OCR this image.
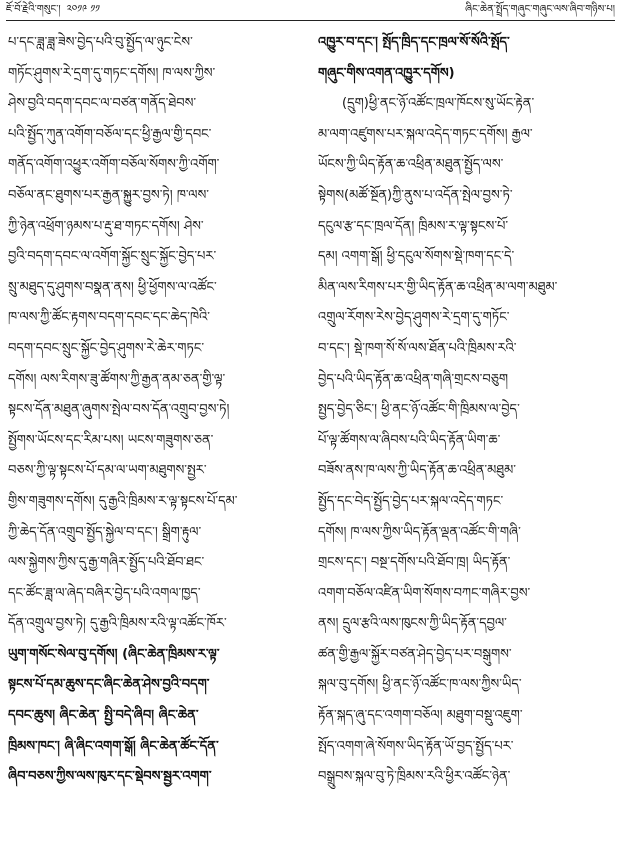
ཇོ་བོ་རྗེའི་གསུང་། ༢༠༡༩ ༡༡	ཞིང་ཆེན་སྤྲོད་གཞུང་གཞུང་ལས་ཞིབ་གཉིས་པ།
པ་དང་ཟླ་ཟླ་ཟེས་བྱེད་པའི་བུ་སྤྱོད་ལ་ཉུང་ངེས་
གཏོང་ཤུགས་རེ་དྲག་དུ་གཏང་དགོས། ཁ་ལས་ཀྱིས་
ཤེས་བྱའི་བདག་དབང་ལ་བཙན་གནོད་ཐེབས་
པའི་སྤྱོད་ཀུན་འགོག་བཅོལ་དང་ཕྱི་རྒྱལ་གྱི་དབང་
གནོད་འགོག་འཕྱུར་འགོག་བཅོལ་སོགས་ཀྱི་འགོག་
བཅོལ་ནང་ཐུགས་པར་རྒྱན་སྐྱུར་བྱས་ཏེ། ཁ་ལས་
ཀྱི་ཉེན་འཕྲོག་ཉམས་པ་རྡུ་ཐ་གཏང་དགོས། ཤེས་
བྱའི་བདག་དབང་ལ་འགོག་སྐྱོང་སྲུང་སྐྱོང་བྱེད་པར་
སྲུ་མཐུད་དུ་ཤུགས་བསྣན་ནས། ཕྱི་ཕྱོགས་ལ་འཚོང་
ཁ་ལས་ཀྱི་ཚོང་རྟགས་བདག་དབང་དང་ཆེད་ཁེའི་
བདག་དབང་སྲུང་སྐྱོང་བྱེད་ཤུགས་རེ་ཆེར་གཏང་
དགོས། ལས་རིགས་ཟུ་ཚོགས་ཀྱི་རྒྱན་ནམ་ཅན་གྱི་ལྟ་
སྟངས་དོན་མཐུན་ཞུགས་སྤེལ་བས་དོན་འགྲུབ་བྱས་ཏེ།
སྤྱོགས་ཡོངས་དང་རིམ་པས། ཡངས་གཟུགས་ཅན་
བཅས་ཀྱི་ལྟ་སྟངས་པོ་དམ་ལ་ཡག་མཐུགས་སྤྱར་
གྱིས་གཟུགས་དགོས། དུ་རྒྱའི་ཁྲིམས་ར་ལྟ་སྟངས་པོ་དམ་
ཀྱི་ཆེད་དོན་འགྲུབ་སྤྱོད་སྐྱེལ་བ་དང་། སྒྲིག་རྟུལ་
ལས་སྐྱེགས་ཀྱིས་དུ་རྒྱ་གཞིར་སྤྱོད་པའི་ཐོབ་ཐང་
དང་ཚོང་ཟླ་ལ་ཞེད་བཞིར་བྱེད་པའི་འགལ་ཁྱད་
དོན་འགྲུལ་བྱས་ཏེ། དུ་རྒྱའི་ཁྲིམས་རའི་ལྟ་འཚོང་ཁོར་
ཡུག་གསོང་སེལ་བུ་དགོས། (ཞིང་ཆེན་ཁྲིམས་ར་ལྟ་
སྟངས་པོ་དམ་ཆུས་དང་ཞིང་ཆེན་ཤེས་བྱའི་བདག་
དབང་ཆུས། ཞིང་ཆེན་ སྤྱི་བདེ་ཞིབ། ཞིང་ཆེན་
ཁྲིམས་ཁང་། ཞི་ཞིང་འགག་སྒོ། ཞིང་ཆེན་ཚོང་དོན་
ཞིབ་བཅས་ཀྱིས་ལས་ཁུར་དང་སྡེབས་སྦྱར་འགག་
འཁྱུར་བ་དང་། སྤོད་ཁྲིད་དང་ཁྲལ་སོ་སོའི་སྤོད་
གཞུང་གིས་འགན་འཁྱུར་དགོས)
(དྲུག)ཕྱི་ནང་ཉོ་འཚོང་ཁྲལ་ཁོངས་སུ་ཡོང་རྟེན་
མ་ལག་འཛུགས་པར་སྐལ་འདེད་གཏང་དགོས། རྒྱལ་
ཡོངས་ཀྱི་ཡིད་རྟོན་ཆ་འཕྲིན་མཐུན་སྤྱོད་ལས་
སྟེགས(མཚོ་སྔོན)ཀྱི་ནུས་པ་འདོན་སྤེལ་བྱས་ཏེ་
དངུལ་རྩ་དང་ཁྲལ་དོན། ཁྲིམས་ར་ལྟ་སྟངས་པོ་
དམ། འགག་སྒོ། ཕྱི་དངུལ་སོགས་སྡེ་ཁག་དང་དེ་
མིན་ལས་རིགས་པར་གྱི་ཡིད་རྟོན་ཆ་འཕྲིན་མ་ལག་མཐུམ་
འགྲུལ་རོགས་རེས་བྱེད་ཤུགས་རེ་དྲག་དུ་གཏོང་
བ་དང་། སྡེ་ཁག་སོ་སོ་ལས་ཐོན་པའི་ཁྲིམས་རའི་
བྱེད་པའི་ཡིད་རྟོན་ཆ་འཕྲིན་གཞི་གྲངས་བཅུག
སྤྱད་བྱེད་ཅིང་། ཕྱི་ནང་ཉོ་འཚོང་གི་ཁྲིམས་ལ་བྱེད་
པོ་ལྟ་ཚོགས་ལ་ཞིབས་པའི་ཡིད་རྟོན་ཡིག་ཆ་
བཟོས་ནས་ཁ་ལས་ཀྱི་ཡིད་རྟོན་ཆ་འཕྲིན་མཐུམ་
སྤྱོད་དང་བེད་སྤྱོད་བྱེད་པར་སྐལ་འདེད་གཏང་
དགོས། ཁ་ལས་ཀྱིས་ཡིད་རྟོན་ལྡན་འཚོང་གི་གཞི་
གྲངས་དང་། བསྔ་དགོས་པའི་ཐོབ་ཁྲ། ཡིད་རྟོན་
འགག་བཅོལ་འཛིན་ཡིག་སོགས་བཀང་གཞིར་བྱས་
ནས། དྲུལ་རྩའི་ལས་ཁུངས་ཀྱི་ཡིད་རྟོན་དབྱལ་
ཚན་གྱི་རྒྱལ་སྐྱོར་བཙན་ཤེད་བྱེད་པར་བསྒུགས་
སྐལ་བུ་དགོས། ཕྱི་ནང་ཉོ་འཚོང་ཁ་ལས་ཀྱིས་ཡིད་
རྟོན་སྐད་ཞུ་དང་འགག་བཅོལ། མཐུག་བསྡུ་འཇུག་
སྤོད་འགག་ཞེ་སོགས་ཡིད་རྟོན་ཡོ་བྱད་སྤྱོད་པར་
བསྒྲུབས་སྐལ་བུ་ཏེ་ཁྲིམས་རའི་ཕྱིར་འཚོང་ཉེན་
